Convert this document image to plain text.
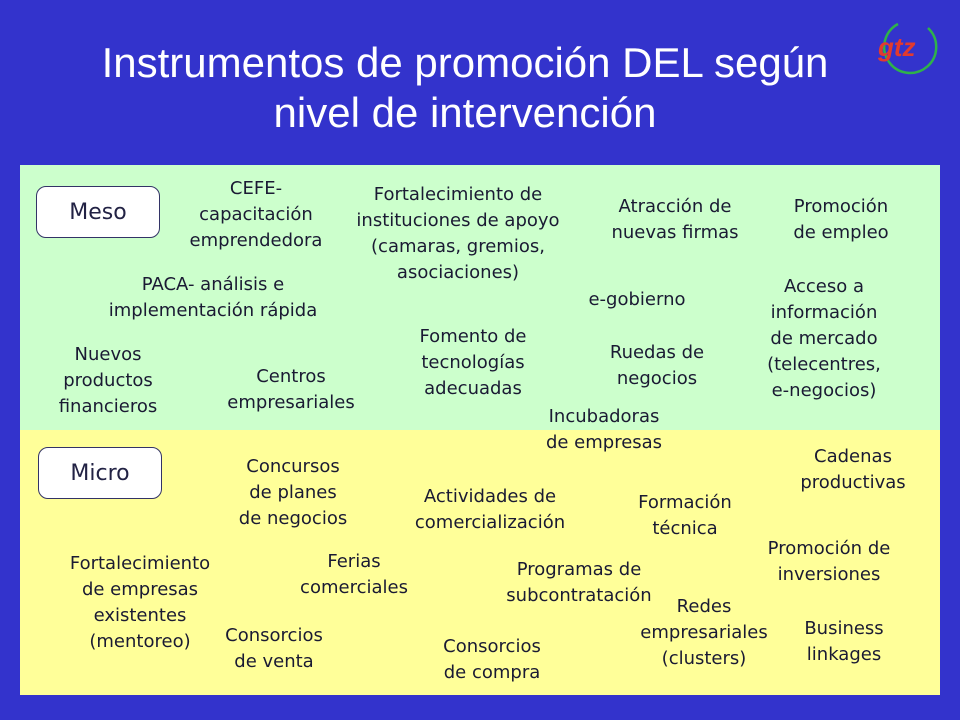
Instrumentos de promoción DEL según
nivel de intervención
gtz
Meso
Micro
CEFE-
capacitación
emprendedora
Fortalecimiento de
instituciones de apoyo
(camaras, gremios,
asociaciones)
Atracción de
nuevas firmas
Promoción
de empleo
PACA- análisis e
implementación rápida
e-gobierno
Acceso a
información
de mercado
(telecentres,
e-negocios)
Fomento de
tecnologías
adecuadas
Nuevos
productos
financieros
Centros
empresariales
Ruedas de
negocios
Incubadoras
de empresas
Concursos
de planes
de negocios
Actividades de
comercialización
Formación
técnica
Cadenas
productivas
Promoción de
inversiones
Fortalecimiento
de empresas
existentes
(mentoreo)
Ferias
comerciales
Programas de
subcontratación
Redes
empresariales
(clusters)
Business
linkages
Consorcios
de venta
Consorcios
de compra
